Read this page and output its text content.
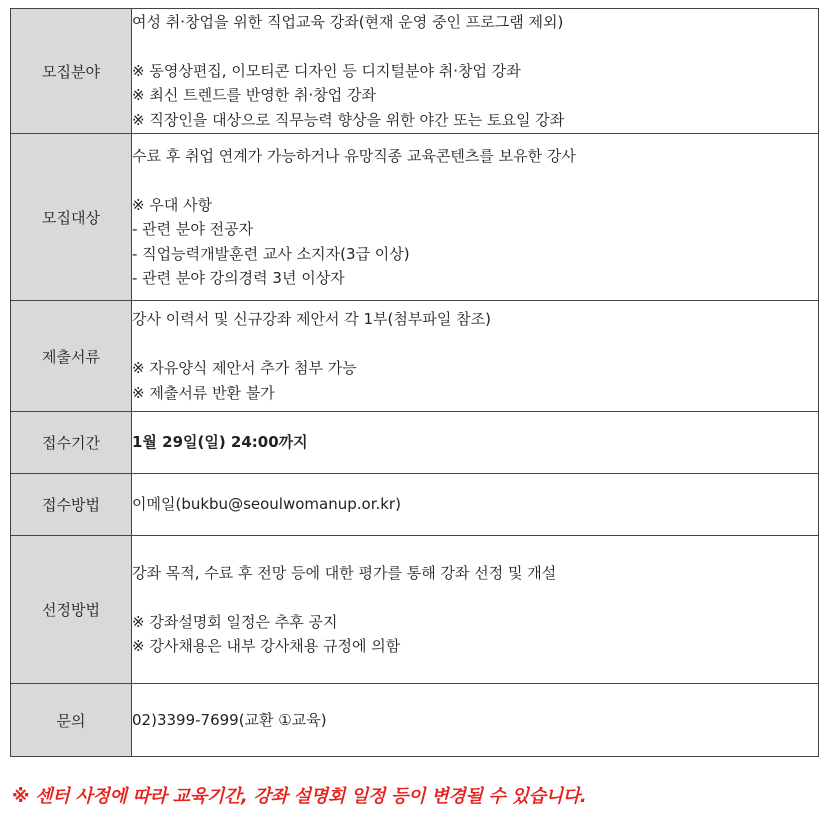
모집분야	여성 취·창업을 위한 직업교육 강좌(현재 운영 중인 프로그램 제외)
※ 동영상편집, 이모티콘 디자인 등 디지털분야 취·창업 강좌
※ 최신 트렌드를 반영한 취·창업 강좌
※ 직장인을 대상으로 직무능력 향상을 위한 야간 또는 토요일 강좌

모집대상	수료 후 취업 연계가 가능하거나 유망직종 교육콘텐츠를 보유한 강사
※ 우대 사항
- 관련 분야 전공자
- 직업능력개발훈련 교사 소지자(3급 이상)
- 관련 분야 강의경력 3년 이상자

제출서류	강사 이력서 및 신규강좌 제안서 각 1부(첨부파일 참조)
※ 자유양식 제안서 추가 첨부 가능
※ 제출서류 반환 불가

접수기간	1월 29일(일) 24:00까지

접수방법	이메일(bukbu@seoulwomanup.or.kr)

선정방법	강좌 목적, 수료 후 전망 등에 대한 평가를 통해 강좌 선정 및 개설
※ 강좌설명회 일정은 추후 공지
※ 강사채용은 내부 강사채용 규정에 의함

문의	02)3399-7699(교환 ①교육)
※ 센터 사정에 따라 교육기간, 강좌 설명회 일정 등이 변경될 수 있습니다.
